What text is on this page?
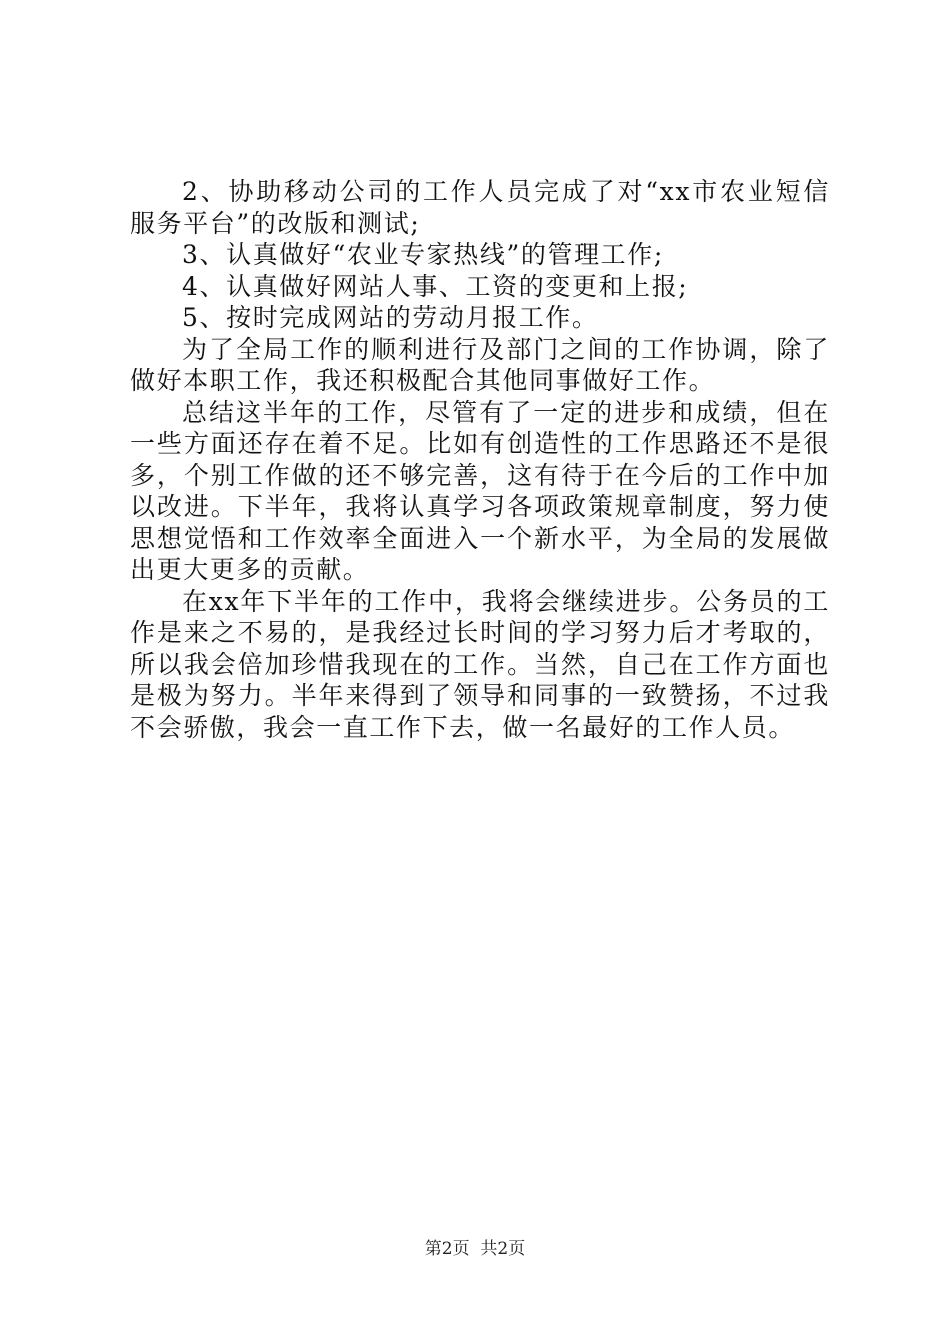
2、协助移动公司的工作人员完成了对“xx市农业短信服务平台”的改版和测试;

3、认真做好“农业专家热线”的管理工作;

4、认真做好网站人事、工资的变更和上报;

5、按时完成网站的劳动月报工作。

为了全局工作的顺利进行及部门之间的工作协调，除了做好本职工作，我还积极配合其他同事做好工作。

总结这半年的工作，尽管有了一定的进步和成绩，但在一些方面还存在着不足。比如有创造性的工作思路还不是很多，个别工作做的还不够完善，这有待于在今后的工作中加以改进。下半年，我将认真学习各项政策规章制度，努力使思想觉悟和工作效率全面进入一个新水平，为全局的发展做出更大更多的贡献。

在xx年下半年的工作中，我将会继续进步。公务员的工作是来之不易的，是我经过长时间的学习努力后才考取的，所以我会倍加珍惜我现在的工作。当然，自己在工作方面也是极为努力。半年来得到了领导和同事的一致赞扬，不过我不会骄傲，我会一直工作下去，做一名最好的工作人员。

第2页  共2页
